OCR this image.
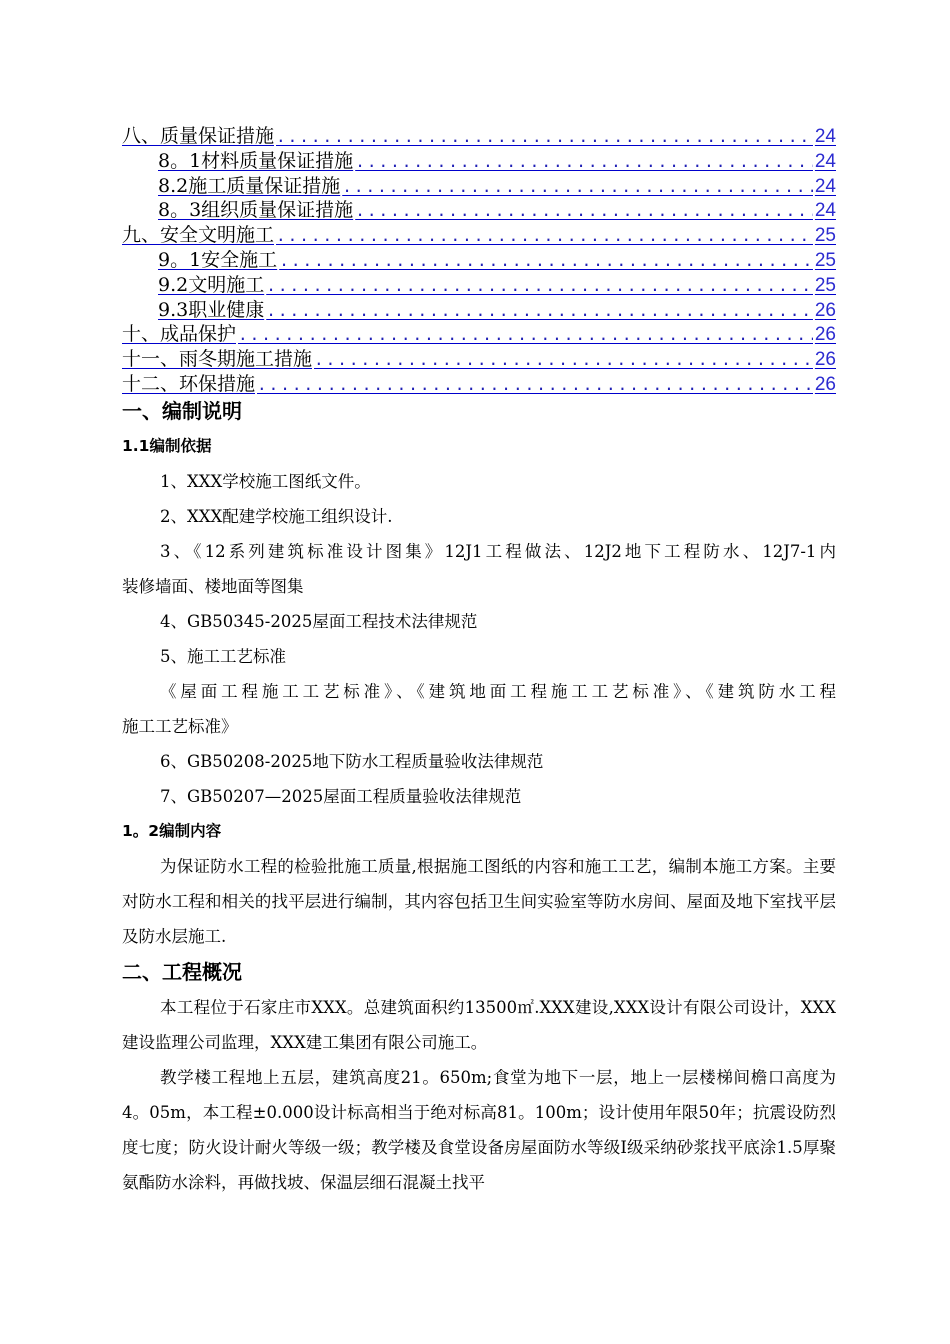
八、质量保证措施 .....	24
8。1材料质量保证措施 .....	24
8.2施工质量保证措施 .....	24
8。3组织质量保证措施 .....	24
九、安全文明施工 .....	25
9。1安全施工 .....	25
9.2文明施工 .....	25
9.3职业健康 .....	26
十、成品保护 .....	26
十一、雨冬期施工措施 .....	26
十二、环保措施 .....	26
一、编制说明
1.1编制依据

1、XXX学校施工图纸文件。

2、XXX配建学校施工组织设计.

3、《12系列建筑标准设计图集》12J1工程做法、12J2地下工程防水、12J7-1内

装修墙面、楼地面等图集

4、GB50345-2025屋面工程技术法律规范

5、施工工艺标准

《屋面工程施工工艺标准》、《建筑地面工程施工工艺标准》、《建筑防水工程

施工工艺标准》

6、GB50208-2025地下防水工程质量验收法律规范

7、GB50207—2025屋面工程质量验收法律规范

1。2编制内容

为保证防水工程的检验批施工质量,根据施工图纸的内容和施工工艺，编制本施工方案。主要对防水工程和相关的找平层进行编制，其内容包括卫生间实验室等防水房间、屋面及地下室找平层及防水层施工.

二、工程概况

本工程位于石家庄市XXX。总建筑面积约13500㎡.XXX建设,XXX设计有限公司设计，XXX建设监理公司监理，XXX建工集团有限公司施工。

教学楼工程地上五层，建筑高度21。650m;食堂为地下一层，地上一层楼梯间檐口高度为4。05m，本工程±0.000设计标高相当于绝对标高81。100m；设计使用年限50年；抗震设防烈度七度；防火设计耐火等级一级；教学楼及食堂设备房屋面防水等级Ⅰ级采纳砂浆找平底涂1.5厚聚氨酯防水涂料，再做找坡、保温层细石混凝土找平
